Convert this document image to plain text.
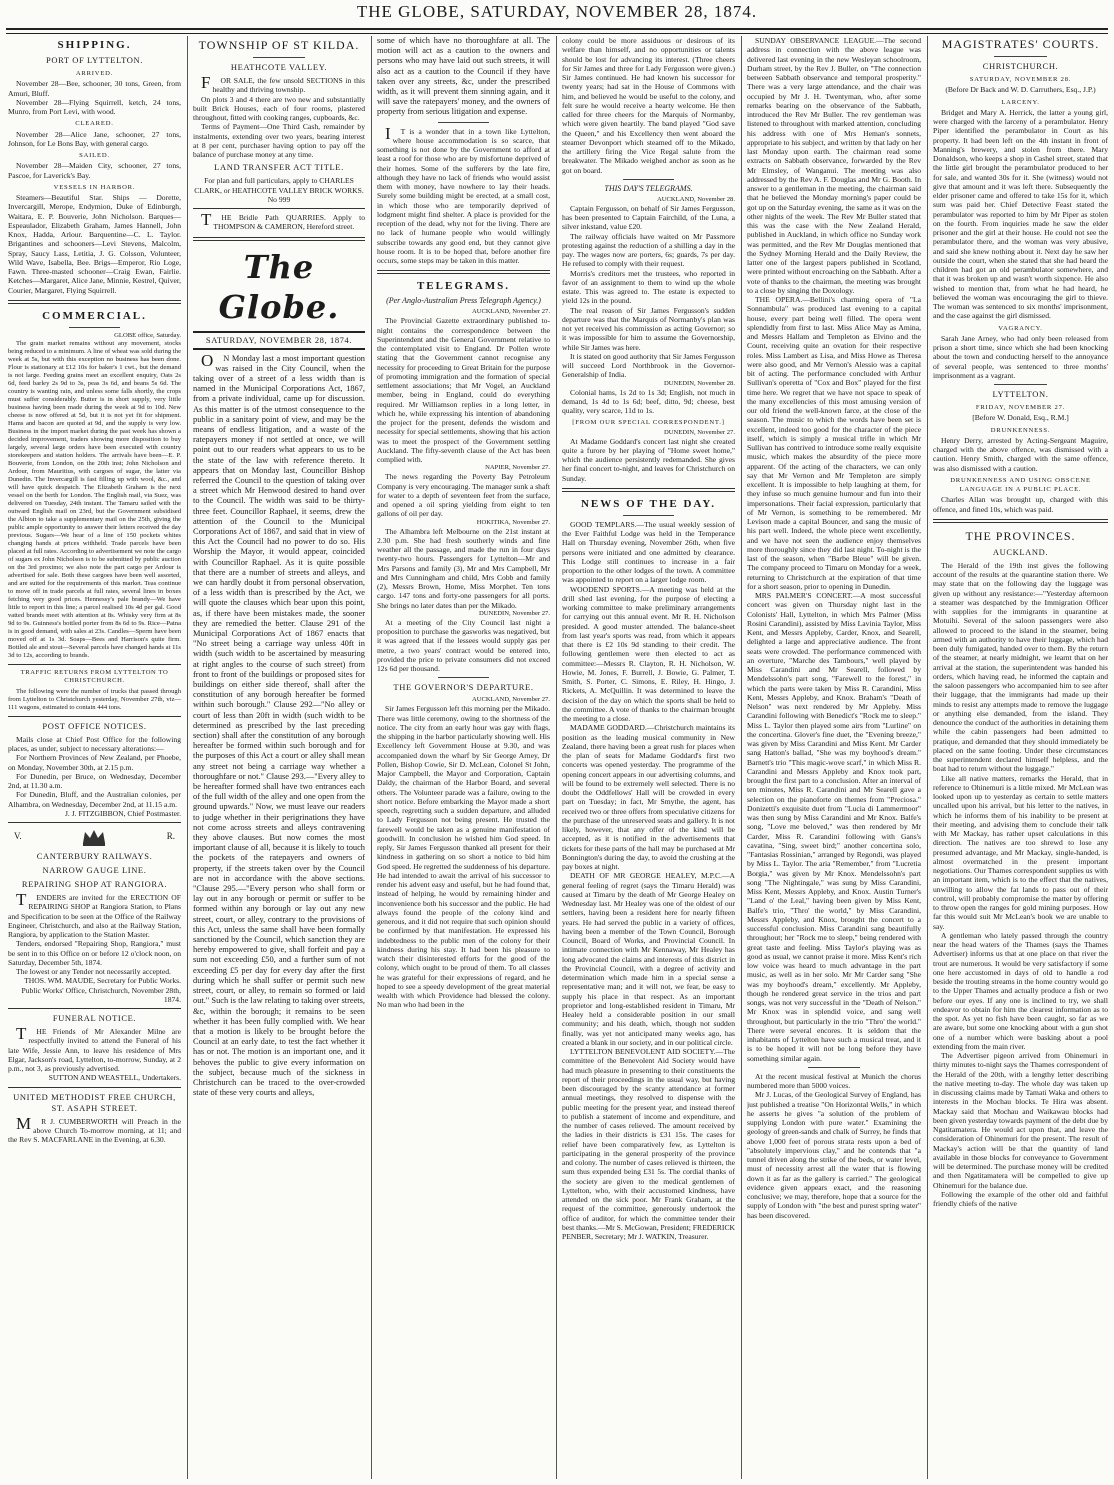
THE GLOBE, SATURDAY, NOVEMBER 28, 1874.
SHIPPING.
PORT OF LYTTELTON.
ARRIVED.

November 28—Bee, schooner, 30 tons, Green, from Amuri, Bluff.

November 28—Flying Squirrell, ketch, 24 tons, Munro, from Port Levi, with wood.

CLEARED.

November 28—Alice Jane, schooner, 27 tons, Johnson, for Le Bons Bay, with general cargo.

SAILED.

November 28—Maiden City, schooner, 27 tons, Pascoe, for Laverick's Bay.

VESSELS IN HARBOR.

Steamers—Beautiful Star. Ships — Dorette, Invercargill, Merope, Endymion, Duke of Edinburgh, Waitara, E. P. Bouverie, John Nicholson. Barques—Espeaulador, Elizabeth Graham, James Hannell, John Knox, Hadda, Arlour. Barquentine—C. L. Taylor. Brigantines and schooners—Levi Stevens, Malcolm, Spray, Saucy Lass, Letitia, J. G. Colsson, Volunteer, Wild Wave, Isabella, Bee. Brigs—Emperor, Rio Loge, Fawn. Three-masted schooner—Craig Ewan, Fairlie. Ketches—Margaret, Alice Jane, Minnie, Kestrel, Quiver, Courier, Margaret, Flying Squirrell.

COMMERCIAL.

GLOBE office, Saturday.

The grain market remains without any movement, stocks being reduced to a minimum. A line of wheat was sold during the week at 5s, but with this exception no business has been done. Flour is stationary at £12 10s for baker's 1 cwt., but the demand is not large. Feeding grains meet an excellent enquiry, Oats 2s 6d, feed barley 2s 9d to 3s, peas 3s 6d, and beans 5s 6d. The country is wanting rain, and unless some falls shortly, the crops must suffer considerably. Butter is in short supply, very little business having been made during the week at 9d to 10d. New cheese is now offered at 5d, but it is not yet fit for shipment. Hams and bacon are quoted at 9d, and the supply is very low. Business in the import market during the past week has shown a decided improvement, traders showing more disposition to buy largely, several large orders have been executed with country storekeepers and station holders. The arrivals have been—E. P. Bouverie, from London, on the 20th inst; John Nicholson and Ardour, from Mauritius, with cargoes of sugar, the latter via Dunedin. The Invercargill is fast filling up with wool, &c., and will have quick despatch. The Elizabeth Graham is the next vessel on the berth for London. The English mail, via Suez, was delivered on Tuesday, 24th instant. The Tamaru sailed with the outward English mail on 23rd, but the Government subsidised the Albion to take a supplementary mail on the 25th, giving the public ample opportunity to answer their letters received the day previous. Sugars—We hear of a line of 150 pockets whites changing hands at prices withheld. Trade parcels have been placed at full rates. According to advertisement we note the cargo of sugars ex John Nicholson is to be submitted by public auction on the 3rd proximo; we also note the part cargo per Ardour is advertised for sale. Both these cargoes have been well assorted, and are suited for the requirements of this market. Teas continue to move off in trade parcels at full rates, several lines in boxes fetching very good prices. Hennessy's pale brandy—We have little to report in this line; a parcel realised 10s 4d per gal. Good vatted brands meet with attention at 8s. Whisky very firm at 8s 9d to 9s. Guinness's bottled porter from 8s 6d to 9s. Rice—Patna is in good demand, with sales at 23s. Candles—Sperm have been moved off at 1s 3d. Soaps—Bees and Harrison's quite firm. Bottled ale and stout—Several parcels have changed hands at 11s 3d to 12s, according to brands.

TRAFFIC RETURNS FROM LYTTELTON TO CHRISTCHURCH.

The following were the number of trucks that passed through from Lyttelton to Christchurch yesterday, November 27th, viz—111 wagons, estimated to contain 444 tons.

POST OFFICE NOTICES.

Mails close at Chief Post Office for the following places, as under, subject to necessary alterations:—

For Northern Provinces of New Zealand, per Phoebe, on Monday, November 30th, at 2.15 p.m.

For Dunedin, per Bruce, on Wednesday, December 2nd, at 11.30 a.m.

For Dunedin, Bluff, and the Australian colonies, per Alhambra, on Wednesday, December 2nd, at 11.15 a.m.

J. J. FITZGIBBON, Chief Postmaster.

V.	R.
CANTERBURY RAILWAYS.
NARROW GAUGE LINE.
REPAIRING SHOP AT RANGIORA.

TENDERS are invited for the ERECTION OF REPAIRING SHOP at Rangiora Station, to Plans and Specification to be seen at the Office of the Railway Engineer, Christchurch, and also at the Railway Station, Rangiora, by application to the Station Master.

Tenders, endorsed "Repairing Shop, Rangiora," must be sent in to this Office on or before 12 o'clock noon, on Saturday, December 5th, 1874.

The lowest or any Tender not necessarily accepted.

THOS. WM. MAUDE, Secretary for Public Works. Public Works' Office, Christchurch, November 28th, 1874.

FUNERAL NOTICE.

THE Friends of Mr Alexander Milne are respectfully invited to attend the Funeral of his late Wife, Jessie Ann, to leave his residence of Mrs Elgar, Jackson's road, Lyttelton, to-morrow, Sunday, at 2 p.m., not 3, as previously advertised.

SUTTON AND WEASTELL, Undertakers.

UNITED METHODIST FREE CHURCH, ST. ASAPH STREET.

MR J. CUMBERWORTH will Preach in the above Church To-morrow morning, at 11; and the Rev S. MACFARLANE in the Evening, at 6.30.

TOWNSHIP OF ST KILDA.
HEATHCOTE VALLEY.

FOR SALE, the few unsold SECTIONS in this healthy and thriving township.

On plots 3 and 4 there are two new and substantially built Brick Houses, each of four rooms, plastered throughout, fitted with cooking ranges, cupboards, &c.

Terms of Payment—One Third Cash, remainder by instalments, extending over two years, bearing interest at 8 per cent, purchaser having option to pay off the balance of purchase money at any time.

LAND TRANSFER ACT TITLE.

For plan and full particulars, apply to CHARLES CLARK, or HEATHCOTE VALLEY BRICK WORKS. No 999

THE Bridle Path QUARRIES. Apply to THOMPSON & CAMERON, Hereford street.

The Globe.
SATURDAY, NOVEMBER 28, 1874.

ON Monday last a most important question was raised in the City Council, when the taking over of a street of a less width than is named in the Municipal Corporations Act, 1867, from a private individual, came up for discussion. As this matter is of the utmost consequence to the public in a sanitary point of view, and may be the means of endless litigation, and a waste of the ratepayers money if not settled at once, we will point out to our readers what appears to us to be the state of the law with reference thereto. It appears that on Monday last, Councillor Bishop referred the Council to the question of taking over a street which Mr Henwood desired to hand over to the Council. The width was said to be thirty-three feet. Councillor Raphael, it seems, drew the attention of the Council to the Municipal Corporations Act of 1867, and said that in view of this Act the Council had no power to do so. His Worship the Mayor, it would appear, coincided with Councillor Raphael. As it is quite possible that there are a number of streets and alleys, and we can hardly doubt it from personal observation, of a less width than is prescribed by the Act, we will quote the clauses which bear upon this point, as, if there have been mistakes made, the sooner they are remedied the better. Clause 291 of the Municipal Corporations Act of 1867 enacts that "No street being a carriage way unless 40ft in width (such width to be ascertained by measuring at right angles to the course of such street) from front to front of the buildings or proposed sites for buildings on either side thereof, shall after the constitution of any borough hereafter be formed within such borough." Clause 292—"No alley or court of less than 20ft in width (such width to be determined as prescribed by the last preceding section) shall after the constitution of any borough hereafter be formed within such borough and for the purposes of this Act a court or alley shall mean any street not being a carriage way whether a thoroughfare or not." Clause 293.—"Every alley to be hereafter formed shall have two entrances each of the full width of the alley and one open from the ground upwards." Now, we must leave our readers to judge whether in their perigrinations they have not come across streets and alleys contravening they above clauses. But now comes the most important clause of all, because it is likely to touch the pockets of the ratepayers and owners of property, if the streets taken over by the Council are not in accordance with the above sections. "Clause 295.—"Every person who shall form or lay out in any borough or permit or suffer to be formed within any borough or lay out any new street, court, or alley, contrary to the provisions of this Act, unless the same shall have been formally sanctioned by the Council, which sanction they are hereby empowered to give, shall forfeit and pay a sum not exceeding £50, and a further sum of not exceeding £5 per day for every day after the first during which he shall suffer or permit such new street, court, or alley, to remain so formed or laid out." Such is the law relating to taking over streets, &c, within the borough; it remains to be seen whether it has been fully complied with. We hear that a motion is likely to be brought before the Council at an early date, to test the fact whether it has or not. The motion is an important one, and it behoves the public to give every information on the subject, because much of the sickness in Christchurch can be traced to the over-crowded state of these very courts and alleys,

some of which have no thoroughfare at all. The motion will act as a caution to the owners and persons who may have laid out such streets, it will also act as a caution to the Council if they have taken over any streets, &c, under the prescribed width, as it will prevent them sinning again, and it will save the ratepayers' money, and the owners of property from serious litigation and expense.

IT is a wonder that in a town like Lyttelton, where house accommodation is so scarce, that something is not done by the Government to afford at least a roof for those who are by misfortune deprived of their homes. Some of the sufferers by the late fire, although they have no lack of friends who would assist them with money, have nowhere to lay their heads. Surely some building might be erected, at a small cost, in which those who are temporarily deprived of lodgment might find shelter. A place is provided for the reception of the dead, why not for the living. There are no lack of humane people who would willingly subscribe towards any good end, but they cannot give house room. It is to be hoped that, before another fire occurs, some steps may be taken in this matter.

TELEGRAMS.
(Per Anglo-Australian Press Telegraph Agency.)

AUCKLAND, November 27.

The Provincial Gazette extraordinary published to-night contains the correspondence between the Superintendent and the General Government relative to the contemplated visit to England. Dr Pollen wrote stating that the Government cannot recognise any necessity for proceeding to Great Britain for the purpose of promoting immigration and the formation of special settlement associations; that Mr Vogel, an Auckland member, being in England, could do everything required. Mr Williamson replies in a long letter, in which he, while expressing his intention of abandoning the project for the present, defends the wisdom and necessity for special settlements, showing that his action was to meet the prospect of the Government settling Auckland. The fifty-seventh clause of the Act has been complied with.

NAPIER, November 27.

The news regarding the Poverty Bay Petroleum Company is very encouraging. The manager sunk a shaft for water to a depth of seventeen feet from the surface, and opened a oil spring yielding from eight to ten gallons of oil per day.

HOKITIKA, November 27.

The Alhambra left Melbourne on the 21st instant at 2.30 p.m. She had fresh southerly winds and fine weather all the passage, and made the run in four days twenty-two hours. Passengers for Lyttelton—Mr and Mrs Parsons and family (3), Mr and Mrs Campbell, Mr and Mrs Cunningham and child, Mrs Cobb and family (2), Messrs Brown, Home, Miss Morphet. Ten tons cargo. 147 tons and forty-one passengers for all ports. She brings no later dates than per the Mikado.

DUNEDIN, November 27.

At a meeting of the City Council last night a proposition to purchase the gasworks was negatived, but it was agreed that if the lessees would supply gas per metre, a two years' contract would be entered into, provided the price to private consumers did not exceed 12s 6d per thousand.

THE GOVERNOR'S DEPARTURE.

AUCKLAND, November 27.

Sir James Fergusson left this morning per the Mikado. There was little ceremony, owing to the shortness of the notice. The city from an early hour was gay with flags, the shipping in the harbor particularly showing well. His Excellency left Government House at 9.30, and was accompanied down the wharf by Sir George Arney, Dr Pollen, Bishop Cowie, Sir D. McLean, Colonel St John, Major Campbell, the Mayor and Corporation, Captain Daldy, the chairman of the Harbor Board, and several others. The Volunteer parade was a failure, owing to the short notice. Before embarking the Mayor made a short speech, regretting such a sudden departure, and alluded to Lady Fergusson not being present. He trusted the farewell would be taken as a genuine manifestation of goodwill. In conclusion he wished him God speed. In reply, Sir James Fergusson thanked all present for their kindness in gathering on so short a notice to bid him God speed. He regretted the suddenness of his departure. He had intended to await the arrival of his successor to render his advent easy and useful, but he had found that, instead of helping, he would by remaining hinder and inconvenience both his successor and the public. He had always found the people of the colony kind and generous, and it did not require that such opinion should be confirmed by that manifestation. He expressed his indebtedness to the public men of the colony for their kindness during his stay. It had been his pleasure to watch their disinterested efforts for the good of the colony, which ought to be proud of them. To all classes he was grateful for their expressions of regard, and he hoped to see a speedy development of the great material wealth with which Providence had blessed the colony. No man who had been in the

colony could be more assiduous or desirous of its welfare than himself, and no opportunities or talents should be lost for advancing its interest. (Three cheers for Sir James and three for Lady Fergusson were given.) Sir James continued. He had known his successor for twenty years; had sat in the House of Commons with him, and believed he would be useful to the colony, and felt sure he would receive a hearty welcome. He then called for three cheers for the Marquis of Normanby, which were given heartily. The band played "God save the Queen," and his Excellency then went aboard the steamer Devonport which steamed off to the Mikado, the artillery firing the Vice Regal salute from the breakwater. The Mikado weighed anchor as soon as he got on board.

THIS DAY'S TELEGRAMS.

AUCKLAND, November 28.

Captain Fergusson, on behalf of Sir James Fergusson, has been presented to Captain Fairchild, of the Luna, a silver inkstand, value £20.

The railway officials have waited on Mr Passmore protesting against the reduction of a shilling a day in the pay. The wages now are porters, 6s; guards, 7s per day. He refused to comply with their request.

Morris's creditors met the trustees, who reported in favor of an assignment to them to wind up the whole estate. This was agreed to. The estate is expected to yield 12s in the pound.

The real reason of Sir James Fergusson's sudden departure was that the Marquis of Normanby's plan was not yet received his commission as acting Governor; so it was impossible for him to assume the Governorship, while Sir James was here.

It is stated on good authority that Sir James Fergusson will succeed Lord Northbrook in the Governor-Generalship of India.

DUNEDIN, November 28.

Colonial hams, 1s 2d to 1s 3d; English, not much in demand, 1s 4d to 1s 6d; beef, ditto, 9d; cheese, best quality, very scarce, 11d to 1s.

[FROM OUR SPECIAL CORRESPONDENT.]

DUNEDIN, November 27.

At Madame Goddard's concert last night she created quite a furore by her playing of "Home sweet home," which the audience persistently redemanded. She gives her final concert to-night, and leaves for Christchurch on Sunday.

NEWS OF THE DAY.

GOOD TEMPLARS.—The usual weekly session of the Ever Faithful Lodge was held in the Temperance Hall on Thursday evening, November 26th, when five persons were initiated and one admitted by clearance. This Lodge still continues to increase in a fair proportion to the other lodges of the town. A committee was appointed to report on a larger lodge room.

WOODEND SPORTS.—A meeting was held at the drill shed last evening, for the purpose of electing a working committee to make preliminary arrangements for carrying out this annual event. Mr R. H. Nicholson presided. A good muster attended. The balance-sheet from last year's sports was read, from which it appears that there is £2 10s 9d standing to their credit. The following gentlemen were then elected to act as committee:—Messrs R. Clayton, R. H. Nicholson, W. Howie, M. Jones, F. Burrell, J. Bowie, G. Palmer, T. Smith, S. Porter, C. Simons, E. Riley, H. Hingo, J. Rickets, A. McQuillin. It was determined to leave the decision of the day on which the sports shall be held to the committee. A vote of thanks to the chairman brought the meeting to a close.

MADAME GODDARD.—Christchurch maintains its position as the leading musical community in New Zealand, there having been a great rush for places when the plan of seats for Madame Goddard's first two concerts was opened yesterday. The programme of the opening concert appears in our advertising columns, and will be found to be extremely well selected. There is no doubt the Oddfellows' Hall will be crowded in every part on Tuesday; in fact, Mr Smythe, the agent, has received two or three offers from speculative citizens for the purchase of the unreserved seats and gallery. It is not likely, however, that any offer of the kind will be accepted, as it is notified in the advertisements that tickets for these parts of the hall may be purchased at Mr Bonnington's during the day, to avoid the crushing at the pay boxes at night.

DEATH OF MR GEORGE HEALEY, M.P.C.—A general feeling of regret (says the Timaru Herald) was caused at Timaru by the death of Mr George Healey on Wednesday last. Mr Healey was one of the oldest of our settlers, having been a resident here for nearly fifteen years. He had served the public in a variety of offices, having been a member of the Town Council, Borough Council, Board of Works, and Provincial Council. In intimate connection with Mr Kennaway, Mr Healey has long advocated the claims and interests of this district in the Provincial Council, with a degree of activity and determination which made him in a special sense a representative man; and it will not, we fear, be easy to supply his place in that respect. As an important proprietor and long-established resident in Timaru, Mr Healey held a considerable position in our small community; and his death, which, though not sudden finally, was yet not anticipated many weeks ago, has created a blank in our society, and in our political circle.

LYTTELTON BENEVOLENT AID SOCIETY.—The committee of the Benevolent Aid Society would have had much pleasure in presenting to their constituents the report of their proceedings in the usual way, but having been discouraged by the scanty attendance at former annual meetings, they resolved to dispense with the public meeting for the present year, and instead thereof to publish a statement of income and expenditure, and the number of cases relieved. The amount received by the ladies in their districts is £31 15s. The cases for relief have been comparatively few, as Lyttelton is participating in the general prosperity of the province and colony. The number of cases relieved is thirteen, the sum thus expended being £31 5s. The cordial thanks of the society are given to the medical gentlemen of Lyttelton, who, with their accustomed kindness, have attended on the sick poor. Mr Frank Graham, at the request of the committee, generously undertook the office of auditor, for which the committee tender their best thanks.—Mr S. McGowan, President; FREDERICK PENBER, Secretary; Mr J. WATKIN, Treasurer.

SUNDAY OBSERVANCE LEAGUE.—The second address in connection with the above league was delivered last evening in the new Wesleyan schoolroom, Durham street, by the Rev J. Buller, on "The connection between Sabbath observance and temporal prosperity." There was a very large attendance, and the chair was occupied by Mr J. H. Twentyman, who, after some remarks bearing on the observance of the Sabbath, introduced the Rev Mr Buller. The rev gentleman was listened to throughout with marked attention, concluding his address with one of Mrs Heman's sonnets, appropriate to his subject, and written by that lady on her last Monday upon earth. The chairman read some extracts on Sabbath observance, forwarded by the Rev Mr Elmsley, of Wanganui. The meeting was also addressed by the Rev A. F. Douglas and Mr G. Booth. In answer to a gentleman in the meeting, the chairman said that he believed the Monday morning's paper could be got up on the Saturday evening, the same as it was on the other nights of the week. The Rev Mr Buller stated that this was the case with the New Zealand Herald, published in Auckland, in which office no Sunday work was permitted, and the Rev Mr Douglas mentioned that the Sydney Morning Herald and the Daily Review, the latter one of the largest papers published in Scotland, were printed without encroaching on the Sabbath. After a vote of thanks to the chairman, the meeting was brought to a close by singing the Doxology.

THE OPERA.—Bellini's charming opera of "La Sonnambula" was produced last evening to a capital house, every part being well filled. The opera went splendidly from first to last. Miss Alice May as Amina, and Messrs Hallam and Templeton as Elvino and the Count, receiving quite an ovation for their respective roles. Miss Lambert as Lisa, and Miss Howe as Theresa were also good, and Mr Vernon's Alessio was a capital bit of acting. The performance concluded with Arthur Sullivan's operetta of "Cox and Box" played for the first time here. We regret that we have not space to speak of the many excellencies of this most amusing version of our old friend the well-known farce, at the close of the season. The music to which the words have been set is excellent, indeed too good for the character of the piece itself, which is simply a musical trifle in which Mr Sullivan has contrived to introduce some really exquisite music, which makes the absurdity of the piece more apparent. Of the acting of the characters, we can only say that Mr Vernon and Mr Templeton are simply excellent. It is impossible to help laughing at them, for they infuse so much genuine humour and fun into their impersonations. Their facial expression, particularly that of Mr Vernon, is something to be remembered. Mr Levison made a capital Bouncer, and sang the music of his part well. Indeed, the whole piece went excellently, and we have not seen the audience enjoy themselves more thoroughly since they did last night. To-night is the last of the season, when "Barbe Bleue" will be given. The company proceed to Timaru on Monday for a week, returning to Christchurch at the expiration of that time for a short season, prior to opening in Dunedin.

MRS PALMER'S CONCERT.—A most successful concert was given on Thursday night last in the Colonists' Hall, Lyttelton, in which Mrs Palmer (Miss Rosini Carandini), assisted by Miss Lavinia Taylor, Miss Kent, and Messrs Appleby, Carder, Knox, and Searell, delighted a large and appreciative audience. The front seats were crowded. The performance commenced with an overture, "Marche des Tambours," well played by Miss Carandini and Mr Searell, followed by Mendelssohn's part song, "Farewell to the forest," in which the parts were taken by Miss R. Carandini, Miss Kent, Messrs Appleby, and Knox. Braham's "Death of Nelson" was next rendered by Mr Appleby. Miss Carandini following with Benedict's "Rock me to sleep." Miss L. Taylor then played some airs from "Lurline" on the concertina. Glover's fine duet, the "Evening breeze," was given by Miss Carandini and Miss Kent. Mr Carder sang Hatton's ballad, "She was my boyhood's dream." Barnett's trio "This magic-wove scarf," in which Miss R. Carandini and Messrs Appleby and Knox took part, brought the first part to a conclusion. After an interval of ten minutes, Miss R. Carandini and Mr Searell gave a selection on the pianoforte on themes from "Preciosa." Donizetti's exquisite duet from "Lucia di Lammermoor" was then sung by Miss Carandini and Mr Knox. Balfe's song, "Love me beloved," was then rendered by Mr Carder, Miss R. Carandini following with Gans's cavatina, "Sing, sweet bird;" another concertina solo, "Fantasias Rossinian," arranged by Regondi, was played by Miss L. Taylor. The aria "Remember," from "Lucretia Borgia," was given by Mr Knox. Mendelssohn's part song "The Nightingale," was sung by Miss Carandini, Miss Kent, Messrs Appleby, and Knox. Austin Turner's "Land o' the Leal," having been given by Miss Kent, Balfe's trio, "Thro' the world," by Miss Carandini, Messrs Appleby, and Knox, brought the concert to a successful conclusion. Miss Carandini sang beautifully throughout; her "Rock me to sleep," being rendered with great taste and feeling. Miss Taylor's playing was as good as usual, we cannot praise it more. Miss Kent's rich low voice was heard to much advantage in the part music, as well as in her solo. Mr Mr Carder sang "She was my boyhood's dream," excellently. Mr Appleby, though he rendered great service in the trios and part songs, was not very successful in the "Death of Nelson." Mr Knox was in splendid voice, and sang well throughout, but particularly in the trio "Thro' the world." There were several encores. It is seldom that the inhabitants of Lyttelton have such a musical treat, and it is to be hoped it will not be long before they have something similar again.

At the recent musical festival at Munich the chorus numbered more than 5000 voices.

Mr J. Lucas, of the Geological Survey of England, has just published a treatise "On Horizontal Wells," in which he asserts he gives "a solution of the problem of supplying London with pure water." Examining the geology of green-sands and chalk of Surrey, he finds that above 1,000 feet of porous strata rests upon a bed of "absolutely impervious clay," and he contends that "a tunnel driven along the strike of the beds, or water level, must of necessity arrest all the water that is flowing down it as far as the gallery is carried." The geological evidence given appears exact, and the reasoning conclusive; we may, therefore, hope that a source for the supply of London with "the best and purest spring water" has been discovered.

MAGISTRATES' COURTS.
CHRISTCHURCH.
SATURDAY, NOVEMBER 28.

(Before Dr Back and W. D. Carruthers, Esq., J.P.)

LARCENY.

Bridget and Mary A. Herrick, the latter a young girl, were charged with the larceny of a perambulator. Henry Piper identified the perambulator in Court as his property. It had been left on the 4th instant in front of Manning's brewery, and stolen from there. Mary Donaldson, who keeps a shop in Cashel street, stated that the little girl brought the perambulator produced to her for sale, and wanted 30s for it. She (witness) would not give that amount and it was left there. Subsequently the elder prisoner came and offered to take 15s for it, which sum was paid her. Chief Detective Feast stated the perambulator was reported to him by Mr Piper as stolen on the fourth. From inquiries made he saw the elder prisoner and the girl at their house. He could not see the perambulator there, and the woman was very abusive, and said she knew nothing about it. Next day he saw her outside the court, when she stated that she had heard the children had got an old perambulator somewhere, and that it was broken up and wasn't worth sixpence. He also wished to mention that, from what he had heard, he believed the woman was encouraging the girl to thieve. The woman was sentenced to six months' imprisonment, and the case against the girl dismissed.

VAGRANCY.

Sarah Jane Arney, who had only been released from prison a short time, since which she had been knocking about the town and conducting herself to the annoyance of several people, was sentenced to three months' imprisonment as a vagrant.

LYTTELTON.
FRIDAY, NOVEMBER 27.

[Before W. Donald, Esq., R.M.]

DRUNKENNESS.

Henry Derry, arrested by Acting-Sergeant Maguire, charged with the above offence, was dismissed with a caution. Henry Smith, charged with the same offence, was also dismissed with a caution.

DRUNKENNESS AND USING OBSCENE LANGUAGE IN A PUBLIC PLACE.

Charles Allan was brought up, charged with this offence, and fined 10s, which was paid.

THE PROVINCES.
AUCKLAND.

The Herald of the 19th inst gives the following account of the results at the quarantine station there. We may state that on the following day the luggage was given up without any resistance:—"Yesterday afternoon a steamer was despatched by the Immigration Officer with supplies for the immigrants in quarantine at Motuihi. Several of the saloon passengers were also allowed to proceed to the island in the steamer, being armed with an authority to have their luggage, which had been duly fumigated, handed over to them. By the return of the steamer, at nearly midnight, we learnt that on her arrival at the station, the superintendent was handed his orders, which having read, he informed the captain and the saloon passengers who accompanied him to see after their luggage, that the immigrants had made up their minds to resist any attempts made to remove the luggage or anything else demanded, from the island. They denounce the conduct of the authorities in detaining them while the cabin passengers had been admitted to pratique, and demanded that they should immediately be placed on the same footing. Under these circumstances the superintendent declared himself helpless, and the boat had to return without the luggage."

Like all native matters, remarks the Herald, that in reference to Ohinemuri is a little mixed. Mr McLean was looked upon up to yesterday as certain to settle matters uncalled upon his arrival, but his letter to the natives, in which he informs them of his inability to be present at their meeting, and advising them to conclude their talk with Mr Mackay, has rather upset calculations in this direction. The natives are too shrewd to lose any presumed advantage, and Mr Mackay, single-handed, is almost overmatched in the present important negotiations. Our Thames correspondent supplies us with an important item, which is to the effect that the natives, unwilling to allow the fat lands to pass out of their control, will probably compromise the matter by offering to throw open the ranges for gold mining purposes. How far this would suit Mr McLean's book we are unable to say.

A gentleman who lately passed through the country near the head waters of the Thames (says the Thames Advertiser) informs us that at one place on that river the trout are numerous. It would be very satisfactory if some one here accustomed in days of old to handle a rod beside the trouting streams in the home country would go to the Upper Thames and actually produce a fish or two before our eyes. If any one is inclined to try, we shall endeavor to obtain for him the clearest information as to the spot. As yet no fish have been caught, so far as we are aware, but some one knocking about with a gun shot one of a number which were basking about a pool extending from the main river.

The Advertiser pigeon arrived from Ohinemuri in thirty minutes to-night says the Thames correspondent of the Herald of the 20th, with a lengthy letter describing the native meeting to-day. The whole day was taken up in discussing claims made by Tamati Waka and others to interests in the Mochau blocks. Te Hira was absent. Mackay said that Mochau and Waikawau blocks had been given yesterday towards payment of the debt due by Ngatitamatera. He would act upon that, and leave the consideration of Ohinemuri for the present. The result of Mackay's action will be that the quantity of land available in those blocks for conveyance to Government will be determined. The purchase money will be credited and then Ngatitamatera will be compelled to give up Ohinemuri for the balance due.

Following the example of the other old and faithful friendly chiefs of the native
